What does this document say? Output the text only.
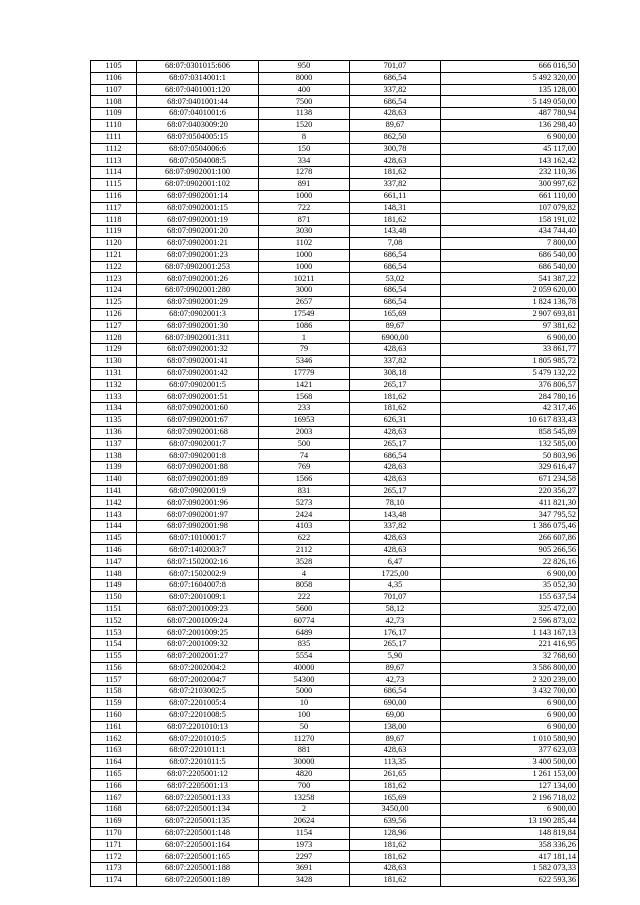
1105	68:07:0301015:606	950	701,07	666 016,50
1106	68:07:0314001:1	8000	686,54	5 492 320,00
1107	68:07:0401001:120	400	337,82	135 128,00
1108	68:07:0401001:44	7500	686,54	5 149 050,00
1109	68:07:0401001:6	1138	428,63	487 780,94
1110	68:07:0403009:20	1520	89,67	136 298,40
1111	68:07:0504005:15	8	862,50	6 900,00
1112	68:07:0504006:6	150	300,78	45 117,00
1113	68:07:0504008:5	334	428,63	143 162,42
1114	68:07:0902001:100	1278	181,62	232 110,36
1115	68:07:0902001:102	891	337,82	300 997,62
1116	68:07:0902001:14	1000	661,11	661 110,00
1117	68:07:0902001:15	722	148,31	107 079,82
1118	68:07:0902001:19	871	181,62	158 191,02
1119	68:07:0902001:20	3030	143,48	434 744,40
1120	68:07:0902001:21	1102	7,08	7 800,00
1121	68:07:0902001:23	1000	686,54	686 540,00
1122	68:07:0902001:253	1000	686,54	686 540,00
1123	68:07:0902001:26	10211	53,02	541 387,22
1124	68:07:0902001:280	3000	686,54	2 059 620,00
1125	68:07:0902001:29	2657	686,54	1 824 136,78
1126	68:07:0902001:3	17549	165,69	2 907 693,81
1127	68:07:0902001:30	1086	89,67	97 381,62
1128	68:07:0902001:311	1	6900,00	6 900,00
1129	68:07:0902001:32	79	428,63	33 861,77
1130	68:07:0902001:41	5346	337,82	1 805 985,72
1131	68:07:0902001:42	17779	308,18	5 479 132,22
1132	68:07:0902001:5	1421	265,17	376 806,57
1133	68:07:0902001:51	1568	181,62	284 780,16
1134	68:07:0902001:60	233	181,62	42 317,46
1135	68:07:0902001:67	16953	626,31	10 617 833,43
1136	68:07:0902001:68	2003	428,63	858 545,89
1137	68:07:0902001:7	500	265,17	132 585,00
1138	68:07:0902001:8	74	686,54	50 803,96
1139	68:07:0902001:88	769	428,63	329 616,47
1140	68:07:0902001:89	1566	428,63	671 234,58
1141	68:07:0902001:9	831	265,17	220 356,27
1142	68:07:0902001:96	5273	78,10	411 821,30
1143	68:07:0902001:97	2424	143,48	347 795,52
1144	68:07:0902001:98	4103	337,82	1 386 075,46
1145	68:07:1010001:7	622	428,63	266 607,86
1146	68:07:1402003:7	2112	428,63	905 266,56
1147	68:07:1502002:16	3528	6,47	22 826,16
1148	68:07:1502002:9	4	1725,00	6 900,00
1149	68:07:1604007:8	8058	4,35	35 052,30
1150	68:07:2001009:1	222	701,07	155 637,54
1151	68:07:2001009:23	5600	58,12	325 472,00
1152	68:07:2001009:24	60774	42,73	2 596 873,02
1153	68:07:2001009:25	6489	176,17	1 143 167,13
1154	68:07:2001009:32	835	265,17	221 416,95
1155	68:07:2002001:27	5554	5,90	32 768,60
1156	68:07:2002004:2	40000	89,67	3 586 800,00
1157	68:07:2002004:7	54300	42,73	2 320 239,00
1158	68:07:2103002:5	5000	686,54	3 432 700,00
1159	68:07:2201005:4	10	690,00	6 900,00
1160	68:07:2201008:5	100	69,00	6 900,00
1161	68:07:2201010:13	50	138,00	6 900,00
1162	68:07:2201010:5	11270	89,67	1 010 580,90
1163	68:07:2201011:1	881	428,63	377 623,03
1164	68:07:2201011:5	30000	113,35	3 400 500,00
1165	68:07:2205001:12	4820	261,65	1 261 153,00
1166	68:07:2205001:13	700	181,62	127 134,00
1167	68:07:2205001:133	13258	165,69	2 196 718,02
1168	68:07:2205001:134	2	3450,00	6 900,00
1169	68:07:2205001:135	20624	639,56	13 190 285,44
1170	68:07:2205001:148	1154	128,96	148 819,84
1171	68:07:2205001:164	1973	181,62	358 336,26
1172	68:07:2205001:165	2297	181,62	417 181,14
1173	68:07:2205001:188	3691	428,63	1 582 073,33
1174	68:07:2205001:189	3428	181,62	622 593,36
